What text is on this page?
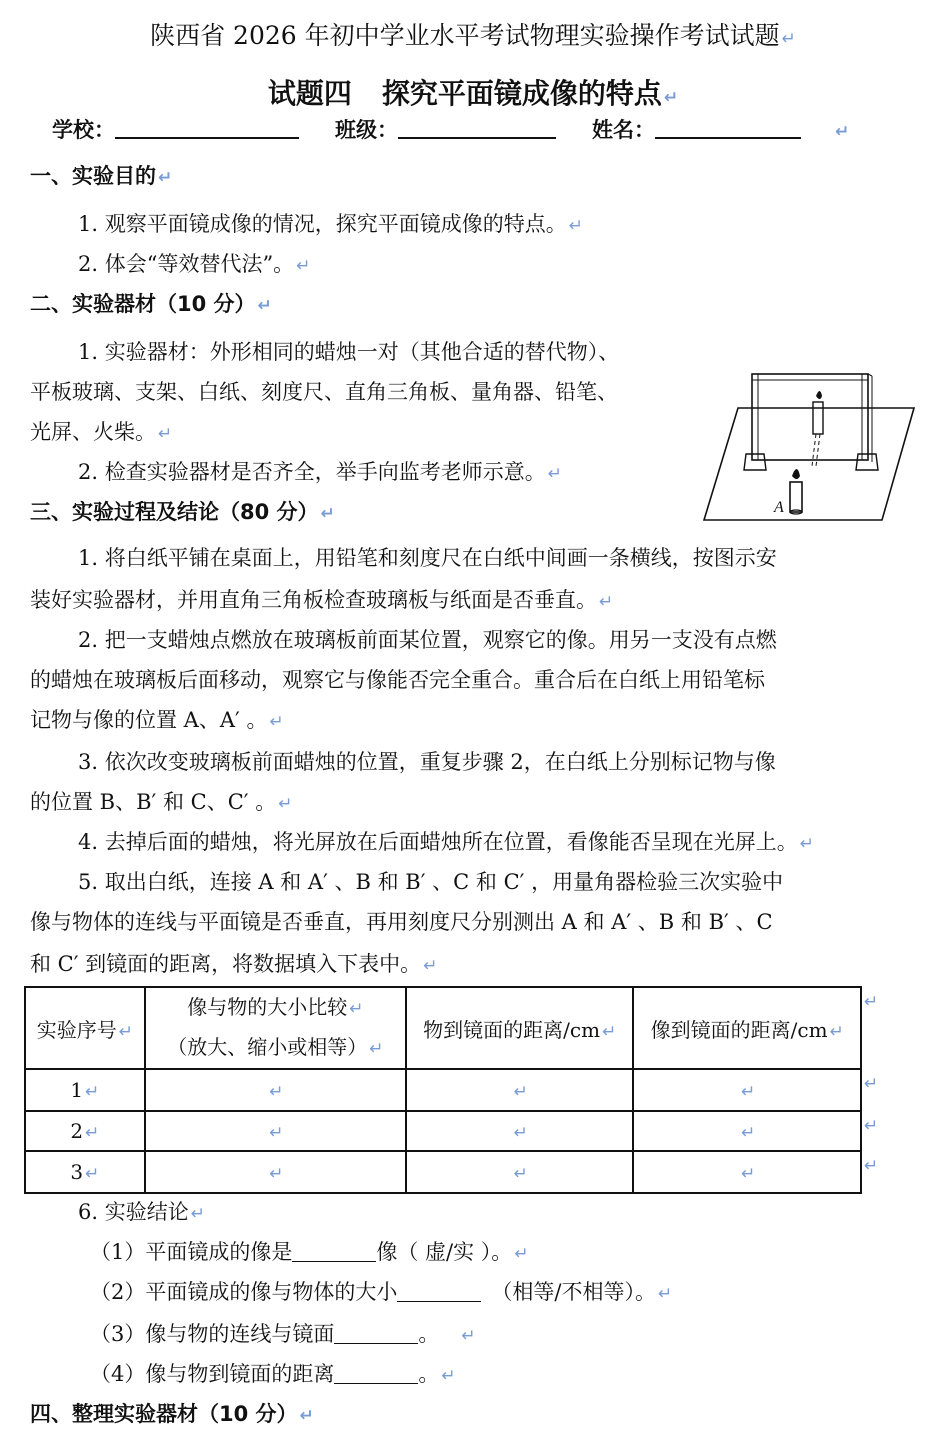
陕西省 2026 年初中学业水平考试物理实验操作考试试题 ↵
试题四 探究平面镜成像的特点 ↵
学校：	班级：	姓名：	↵
一、实验目的 ↵
1. 观察平面镜成像的情况，探究平面镜成像的特点。 ↵
2. 体会“等效替代法”。 ↵
二、实验器材（10 分） ↵
1. 实验器材：外形相同的蜡烛一对（其他合适的替代物）、
平板玻璃、支架、白纸、刻度尺、直角三角板、量角器、铅笔、
光屏、火柴。 ↵
2. 检查实验器材是否齐全，举手向监考老师示意。 ↵
A
三、实验过程及结论（80 分） ↵
1. 将白纸平铺在桌面上，用铅笔和刻度尺在白纸中间画一条横线，按图示安
装好实验器材，并用直角三角板检查玻璃板与纸面是否垂直。 ↵
2. 把一支蜡烛点燃放在玻璃板前面某位置，观察它的像。用另一支没有点燃
的蜡烛在玻璃板后面移动，观察它与像能否完全重合。重合后在白纸上用铅笔标
记物与像的位置 A、A′ 。 ↵
3. 依次改变玻璃板前面蜡烛的位置，重复步骤 2，在白纸上分别标记物与像
的位置 B、B′ 和 C、C′ 。 ↵
4. 去掉后面的蜡烛，将光屏放在后面蜡烛所在位置，看像能否呈现在光屏上。 ↵
5. 取出白纸，连接 A 和 A′ 、B 和 B′ 、C 和 C′ ，用量角器检验三次实验中
像与物体的连线与平面镜是否垂直，再用刻度尺分别测出 A 和 A′ 、B 和 B′ 、C
和 C′ 到镜面的距离，将数据填入下表中。 ↵
实验序号 ↵	像与物的大小比较 ↵
（放大、缩小或相等） ↵	物到镜面的距离/cm ↵	像到镜面的距离/cm ↵
1 ↵	↵	↵	↵
2 ↵	↵	↵	↵
3 ↵	↵	↵	↵
↵
↵
↵
↵
6. 实验结论 ↵
（1）平面镜成的像是	像（ 虚/实 ）。 ↵
（2）平面镜成的像与物体的大小	（相等/不相等）。 ↵
（3）像与物的连线与镜面	。 ↵
（4）像与物到镜面的距离	。 ↵
四、整理实验器材（10 分） ↵
